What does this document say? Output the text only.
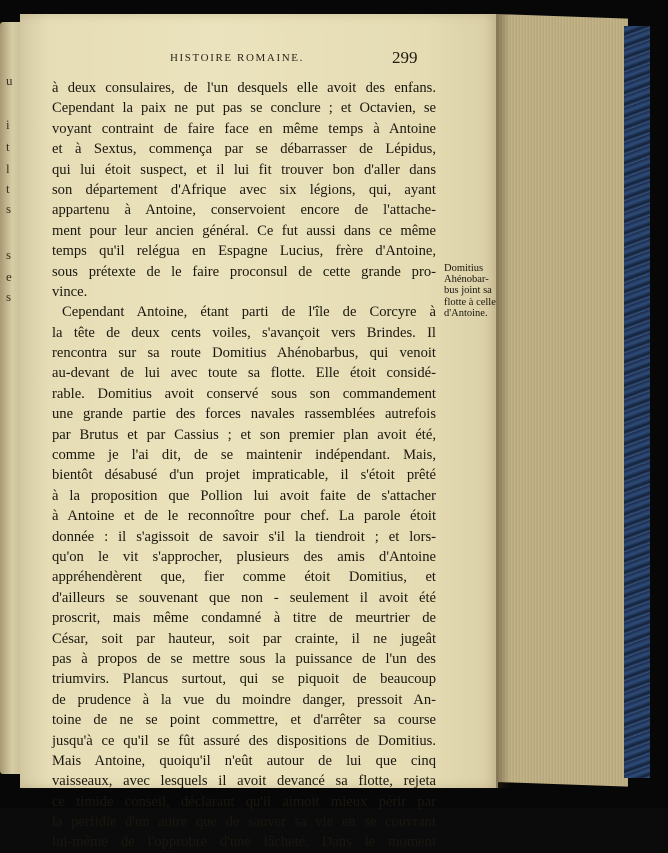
u
i
t
l
t
s
s
e
s
HISTOIRE ROMAINE.	299
à deux consulaires, de l'un desquels elle avoit des enfans.
Cependant la paix ne put pas se conclure ; et Octavien, se
voyant contraint de faire face en même temps à Antoine
et à Sextus, commença par se débarrasser de Lépidus,
qui lui étoit suspect, et il lui fit trouver bon d'aller dans
son département d'Afrique avec six légions, qui, ayant
appartenu à Antoine, conservoient encore de l'attache-
ment pour leur ancien général. Ce fut aussi dans ce même
temps qu'il relégua en Espagne Lucius, frère d'Antoine,
sous prétexte de le faire proconsul de cette grande pro-
vince.
Cependant Antoine, étant parti de l'île de Corcyre à
la tête de deux cents voiles, s'avançoit vers Brindes. Il
rencontra sur sa route Domitius Ahénobarbus, qui venoit
au-devant de lui avec toute sa flotte. Elle étoit considé-
rable. Domitius avoit conservé sous son commandement
une grande partie des forces navales rassemblées autrefois
par Brutus et par Cassius ; et son premier plan avoit été,
comme je l'ai dit, de se maintenir indépendant. Mais,
bientôt désabusé d'un projet impraticable, il s'étoit prêté
à la proposition que Pollion lui avoit faite de s'attacher
à Antoine et de le reconnoître pour chef. La parole étoit
donnée : il s'agissoit de savoir s'il la tiendroit ; et lors-
qu'on le vit s'approcher, plusieurs des amis d'Antoine
appréhendèrent que, fier comme étoit Domitius, et
d'ailleurs se souvenant que non - seulement il avoit été
proscrit, mais même condamné à titre de meurtrier de
César, soit par hauteur, soit par crainte, il ne jugeât
pas à propos de se mettre sous la puissance de l'un des
triumvirs. Plancus surtout, qui se piquoit de beaucoup
de prudence à la vue du moindre danger, pressoit An-
toine de ne se point commettre, et d'arrêter sa course
jusqu'à ce qu'il se fût assuré des dispositions de Domitius.
Mais Antoine, quoiqu'il n'eût autour de lui que cinq
vaisseaux, avec lesquels il avoit devancé sa flotte, rejeta
ce timide conseil, déclarant qu'il aimoit mieux périr par
la perfidie d'un autre que de sauver sa vie en se couvrant
lui-même de l'opprobre d'une lâcheté. Dans le moment
Domitius
Ahénobar-
bus joint sa
flotte à celle
d'Antoine.
